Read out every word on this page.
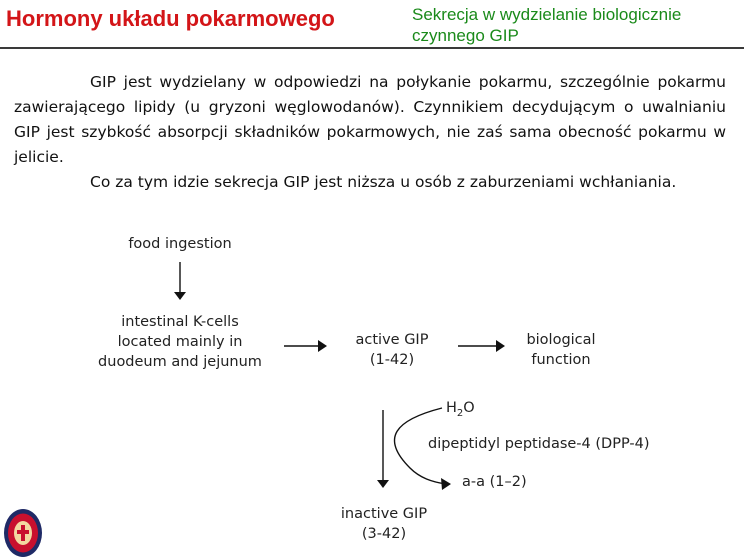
Hormony układu pokarmowego	Sekrecja w wydzielanie biologicznie
czynnego GIP

GIP jest wydzielany w odpowiedzi na połykanie pokarmu, szczególnie pokarmu zawierającego lipidy (u gryzoni węglowodanów). Czynnikiem decydującym o uwalnianiu GIP jest szybkość absorpcji składników pokarmowych, nie zaś sama obecność pokarmu w jelicie.

Co za tym idzie sekrecja GIP jest niższa u osób z zaburzeniami wchłaniania.

food ingestion
intestinal K-cells
located mainly in
duodeum and jejunum
active GIP
(1-42)
biological
function
$H_2O$
dipeptidyl peptidase-4 (DPP-4)
a-a (1–2)
inactive GIP
(3-42)
